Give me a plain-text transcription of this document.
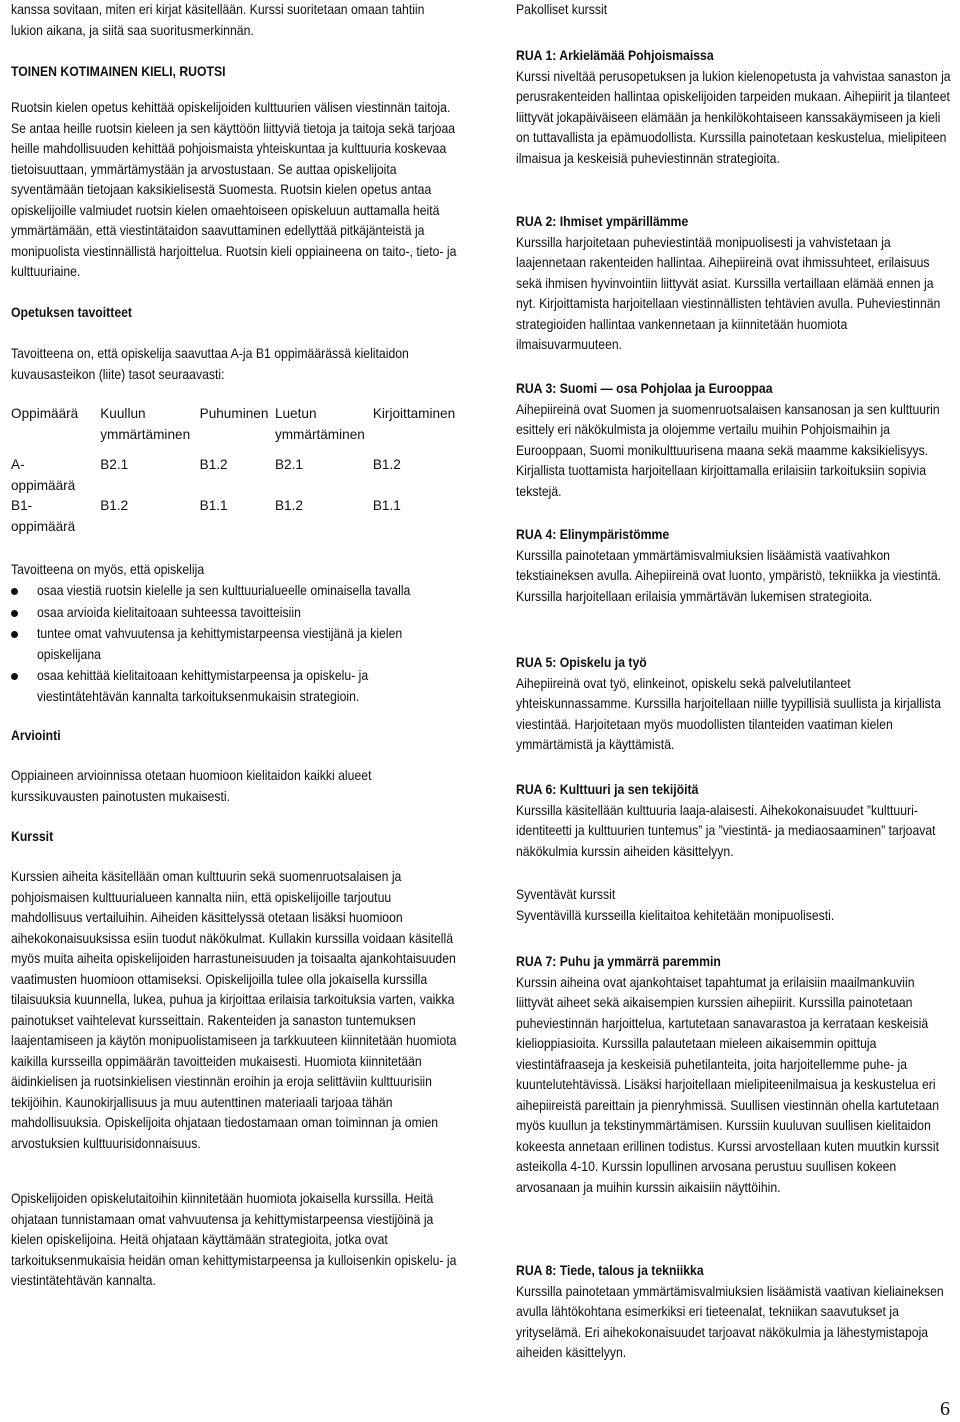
kanssa sovitaan, miten eri kirjat käsitellään. Kurssi suoritetaan omaan tahtiin lukion aikana, ja siitä saa suoritusmerkinnän.

TOINEN KOTIMAINEN KIELI, RUOTSI

Ruotsin kielen opetus kehittää opiskelijoiden kulttuurien välisen viestinnän taitoja. Se antaa heille ruotsin kieleen ja sen käyttöön liittyviä tietoja ja taitoja sekä tarjoaa heille mahdollisuuden kehittää pohjoismaista yhteiskuntaa ja kulttuuria koskevaa tietoisuuttaan, ymmärtämystään ja arvostustaan. Se auttaa opiskelijoita syventämään tietojaan kaksikielisestä Suomesta. Ruotsin kielen opetus antaa opiskelijoille valmiudet ruotsin kielen omaehtoiseen opiskeluun auttamalla heitä ymmärtämään, että viestintätaidon saavuttaminen edellyttää pitkäjänteistä ja monipuolista viestinnällistä harjoittelua. Ruotsin kieli oppiaineena on taito-, tieto- ja kulttuuriaine.

Opetuksen tavoitteet

Tavoitteena on, että opiskelija saavuttaa A-ja B1 oppimäärässä kielitaidon kuvausasteikon (liite) tasot seuraavasti:

Oppimäärä	Kuullun ymmärtäminen	Puhuminen	Luetun ymmärtäminen	Kirjoittaminen

A-oppimäärä	B2.1	B1.2	B2.1	B1.2
B1-oppimäärä	B1.2	B1.1	B1.2	B1.1

Tavoitteena on myös, että opiskelija

osaa viestiä ruotsin kielelle ja sen kulttuurialueelle ominaisella tavalla

osaa arvioida kielitaitoaan suhteessa tavoitteisiin

tuntee omat vahvuutensa ja kehittymistarpeensa viestijänä ja kielen opiskelijana

osaa kehittää kielitaitoaan kehittymistarpeensa ja opiskelu- ja viestintätehtävän kannalta tarkoituksenmukaisin strategioin.

Arviointi

Oppiaineen arvioinnissa otetaan huomioon kielitaidon kaikki alueet kurssikuvausten painotusten mukaisesti.

Kurssit

Kurssien aiheita käsitellään oman kulttuurin sekä suomenruotsalaisen ja pohjoismaisen kulttuurialueen kannalta niin, että opiskelijoille tarjoutuu mahdollisuus vertailuihin. Aiheiden käsittelyssä otetaan lisäksi huomioon aihekokonaisuuksissa esiin tuodut näkökulmat. Kullakin kurssilla voidaan käsitellä myös muita aiheita opiskelijoiden harrastuneisuuden ja toisaalta ajankohtaisuuden vaatimusten huomioon ottamiseksi. Opiskelijoilla tulee olla jokaisella kurssilla tilaisuuksia kuunnella, lukea, puhua ja kirjoittaa erilaisia tarkoituksia varten, vaikka painotukset vaihtelevat kursseittain. Rakenteiden ja sanaston tuntemuksen laajentamiseen ja käytön monipuolistamiseen ja tarkkuuteen kiinnitetään huomiota kaikilla kursseilla oppimäärän tavoitteiden mukaisesti. Huomiota kiinnitetään äidinkielisen ja ruotsinkielisen viestinnän eroihin ja eroja selittäviin kulttuurisiin tekijöihin. Kaunokirjallisuus ja muu autenttinen materiaali tarjoaa tähän mahdollisuuksia. Opiskelijoita ohjataan tiedostamaan oman toiminnan ja omien arvostuksien kulttuurisidonnaisuus.

Opiskelijoiden opiskelutaitoihin kiinnitetään huomiota jokaisella kurssilla. Heitä ohjataan tunnistamaan omat vahvuutensa ja kehittymistarpeensa viestijöinä ja kielen opiskelijoina. Heitä ohjataan käyttämään strategioita, jotka ovat tarkoituksenmukaisia heidän oman kehittymistarpeensa ja kulloisenkin opiskelu- ja viestintätehtävän kannalta.

Pakolliset kurssit

RUA 1: Arkielämää Pohjoismaissa

Kurssi niveltää perusopetuksen ja lukion kielenopetusta ja vahvistaa sanaston ja perusrakenteiden hallintaa opiskelijoiden tarpeiden mukaan. Aihepiirit ja tilanteet liittyvät jokapäiväiseen elämään ja henkilökohtaiseen kanssakäymiseen ja kieli on tuttavallista ja epämuodollista. Kurssilla painotetaan keskustelua, mielipiteen ilmaisua ja keskeisiä puheviestinnän strategioita.

RUA 2: Ihmiset ympärillämme

Kurssilla harjoitetaan puheviestintää monipuolisesti ja vahvistetaan ja laajennetaan rakenteiden hallintaa. Aihepiireinä ovat ihmissuhteet, erilaisuus sekä ihmisen hyvinvointiin liittyvät asiat. Kurssilla vertaillaan elämää ennen ja nyt. Kirjoittamista harjoitellaan viestinnällisten tehtävien avulla. Puheviestinnän strategioiden hallintaa vankennetaan ja kiinnitetään huomiota ilmaisuvarmuuteen.

RUA 3: Suomi — osa Pohjolaa ja Eurooppaa

Aihepiireinä ovat Suomen ja suomenruotsalaisen kansanosan ja sen kulttuurin esittely eri näkökulmista ja olojemme vertailu muihin Pohjoismaihin ja Eurooppaan, Suomi monikulttuurisena maana sekä maamme kaksikielisyys. Kirjallista tuottamista harjoitellaan kirjoittamalla erilaisiin tarkoituksiin sopivia tekstejä.

RUA 4: Elinympäristömme

Kurssilla painotetaan ymmärtämisvalmiuksien lisäämistä vaativahkon tekstiaineksen avulla. Aihepiireinä ovat luonto, ympäristö, tekniikka ja viestintä. Kurssilla harjoitellaan erilaisia ymmärtävän lukemisen strategioita.

RUA 5: Opiskelu ja työ

Aihepiireinä ovat työ, elinkeinot, opiskelu sekä palvelutilanteet yhteiskunnassamme. Kurssilla harjoitellaan niille tyypillisiä suullista ja kirjallista viestintää. Harjoitetaan myös muodollisten tilanteiden vaatiman kielen ymmärtämistä ja käyttämistä.

RUA 6: Kulttuuri ja sen tekijöitä

Kurssilla käsitellään kulttuuria laaja-alaisesti. Aihekokonaisuudet ”kulttuuri-identiteetti ja kulttuurien tuntemus” ja ”viestintä- ja mediaosaaminen” tarjoavat näkökulmia kurssin aiheiden käsittelyyn.

Syventävät kurssit

Syventävillä kursseilla kielitaitoa kehitetään monipuolisesti.

RUA 7: Puhu ja ymmärrä paremmin

Kurssin aiheina ovat ajankohtaiset tapahtumat ja erilaisiin maailmankuviin liittyvät aiheet sekä aikaisempien kurssien aihepiirit. Kurssilla painotetaan puheviestinnän harjoittelua, kartutetaan sanavarastoa ja kerrataan keskeisiä kielioppiasioita. Kurssilla palautetaan mieleen aikaisemmin opittuja viestintäfraaseja ja keskeisiä puhetilanteita, joita harjoitellemme puhe- ja kuuntelutehtävissä. Lisäksi harjoitellaan mielipiteenilmaisua ja keskustelua eri aihepiireistä pareittain ja pienryhmissä. Suullisen viestinnän ohella kartutetaan myös kuullun ja tekstinymmärtämisen. Kurssiin kuuluvan suullisen kielitaidon kokeesta annetaan erillinen todistus. Kurssi arvostellaan kuten muutkin kurssit asteikolla 4-10. Kurssin lopullinen arvosana perustuu suullisen kokeen arvosanaan ja muihin kurssin aikaisiin näyttöihin.

RUA 8: Tiede, talous ja tekniikka

Kurssilla painotetaan ymmärtämisvalmiuksien lisäämistä vaativan kieliaineksen avulla lähtökohtana esimerkiksi eri tieteenalat, tekniikan saavutukset ja yrityselämä. Eri aihekokonaisuudet tarjoavat näkökulmia ja lähestymistapoja aiheiden käsittelyyn.

6
